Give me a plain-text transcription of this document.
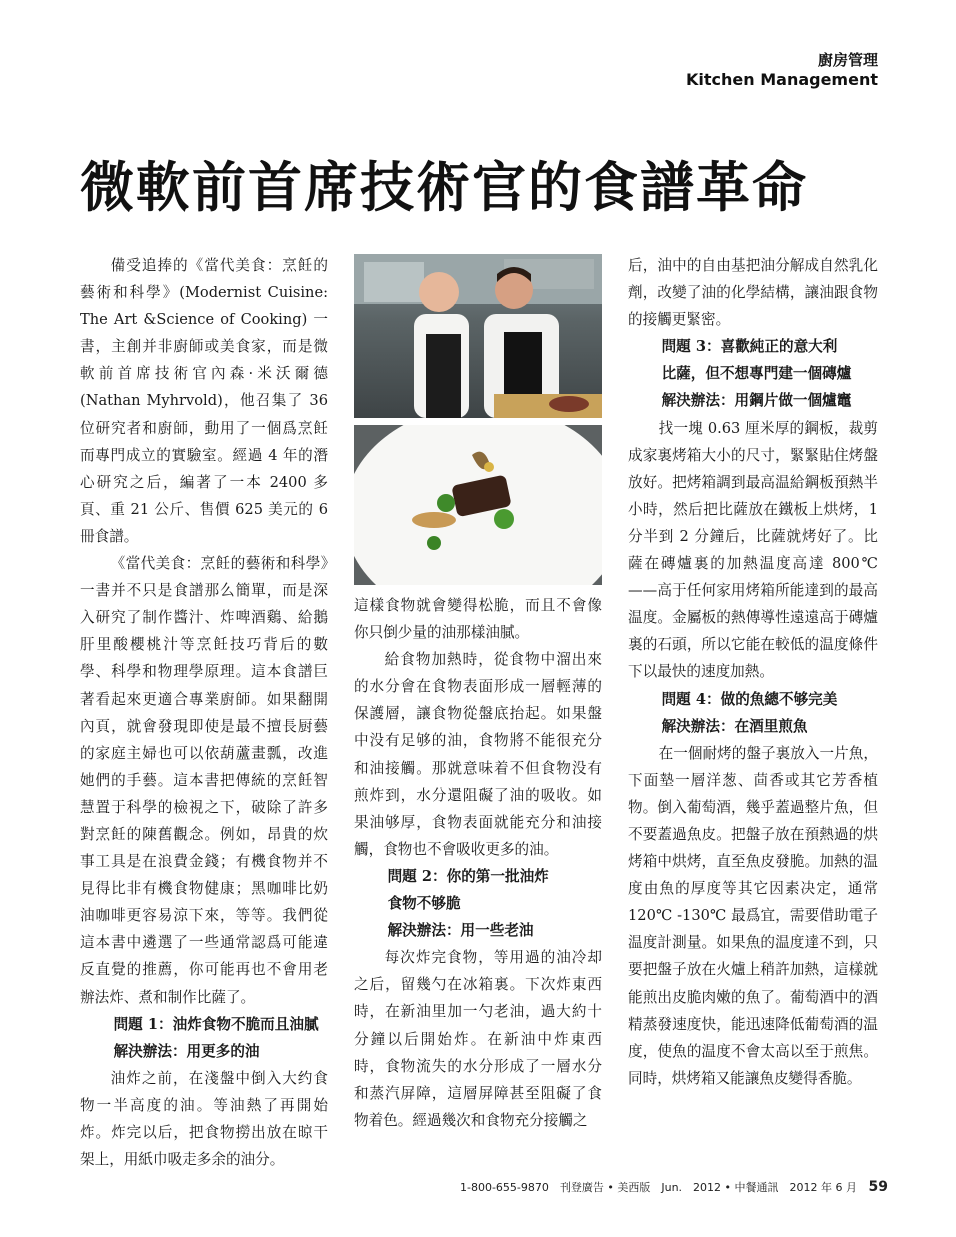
廚房管理
Kitchen Management
微軟前首席技術官的食譜革命

備受追捧的《當代美食：烹飪的藝術和科學》(Modernist Cuisine: The Art &Science of Cooking) 一書，主創并非廚師或美食家，而是微軟前首席技術官內森·米沃爾德(Nathan Myhrvold)，他召集了 36 位研究者和廚師，動用了一個爲烹飪而專門成立的實驗室。經過 4 年的潛心研究之后，編著了一本 2400 多頁、重 21 公斤、售價 625 美元的 6 冊食譜。

《當代美食：烹飪的藝術和科學》一書并不只是食譜那么簡單，而是深入研究了制作醬汁、炸啤酒鷄、給鵝肝里酸櫻桃汁等烹飪技巧背后的數學、科學和物理學原理。這本食譜巨著看起來更適合專業廚師。如果翻開內頁，就會發現即使是最不擅長厨藝的家庭主婦也可以依葫蘆畫瓢，改進她們的手藝。這本書把傳統的烹飪智慧置于科學的檢視之下，破除了許多對烹飪的陳舊觀念。例如，昂貴的炊事工具是在浪費金錢；有機食物并不見得比非有機食物健康；黑咖啡比奶油咖啡更容易涼下來，等等。我們從這本書中遴選了一些通常認爲可能違反直覺的推薦，你可能再也不會用老辦法炸、煮和制作比薩了。

問題 1：油炸食物不脆而且油膩
解決辦法：用更多的油

油炸之前，在淺盤中倒入大约食物一半高度的油。等油熱了再開始炸。炸完以后，把食物撈出放在晾干架上，用紙巾吸走多余的油分。

這樣食物就會變得松脆，而且不會像你只倒少量的油那樣油膩。

給食物加熱時，從食物中溜出來的水分會在食物表面形成一層輕薄的保護層，讓食物從盤底抬起。如果盤中没有足够的油，食物將不能很充分和油接觸。那就意味着不但食物没有煎炸到，水分還阻礙了油的吸收。如果油够厚，食物表面就能充分和油接觸，食物也不會吸收更多的油。

問題 2：你的第一批油炸
食物不够脆
解決辦法：用一些老油

每次炸完食物，等用過的油冷却之后，留幾勺在冰箱裏。下次炸東西時，在新油里加一勺老油，過大約十分鐘以后開始炸。在新油中炸東西時，食物流失的水分形成了一層水分和蒸汽屏障，這層屏障甚至阻礙了食物着色。經過幾次和食物充分接觸之

后，油中的自由基把油分解成自然乳化劑，改變了油的化學結構，讓油跟食物的接觸更緊密。

問題 3：喜歡純正的意大利
比薩，但不想專門建一個磚爐
解決辦法：用鋼片做一個爐竈

找一塊 0.63 厘米厚的鋼板，裁剪成家裏烤箱大小的尺寸，緊緊貼住烤盤放好。把烤箱調到最高温給鋼板預熱半小時，然后把比薩放在鐵板上烘烤，1 分半到 2 分鐘后，比薩就烤好了。比薩在磚爐裏的加熱温度高達 800℃ ——高于任何家用烤箱所能達到的最高温度。金屬板的熱傳導性遠遠高于磚爐裏的石頭，所以它能在較低的温度條件下以最快的速度加熱。

問題 4：做的魚總不够完美
解決辦法：在酒里煎魚

在一個耐烤的盤子裏放入一片魚，下面墊一層洋葱、茴香或其它芳香植物。倒入葡萄酒，幾乎蓋過整片魚，但不要蓋過魚皮。把盤子放在預熱過的烘烤箱中烘烤，直至魚皮發脆。加熱的温度由魚的厚度等其它因素决定，通常 120℃ -130℃ 最爲宜，需要借助電子温度計測量。如果魚的温度達不到，只要把盤子放在火爐上稍許加熱，這樣就能煎出皮脆肉嫩的魚了。葡萄酒中的酒精蒸發速度快，能迅速降低葡萄酒的温度，使魚的温度不會太高以至于煎焦。同時，烘烤箱又能讓魚皮變得香脆。

1-800-655-9870　刊登廣告 • 美西版　Jun.　2012 • 中餐通訊　2012 年 6 月 59
